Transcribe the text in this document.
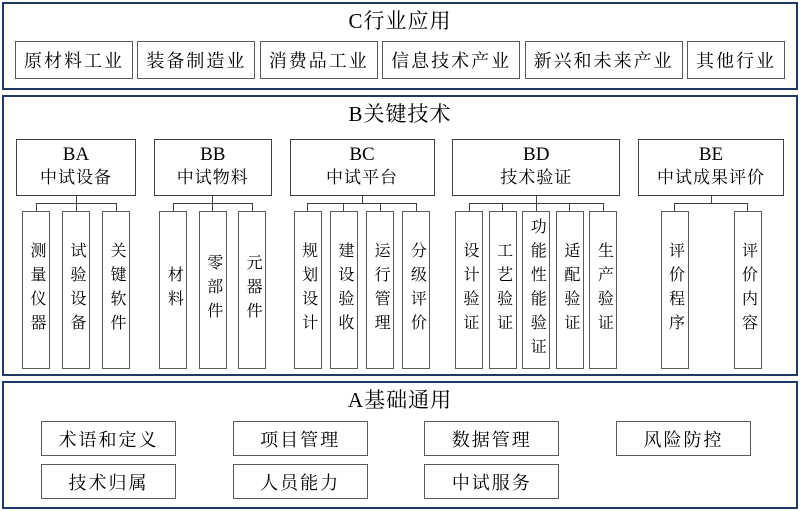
C行业应用
原材料工业	装备制造业	消费品工业	信息技术产业	新兴和未来产业	其他行业
B关键技术
BA
中试设备
测量仪器	试验设备	关键软件
BB
中试物料
材料	零部件	元器件
BC
中试平台
规划设计	建设验收	运行管理	分级评价
BD
技术验证
设计验证	工艺验证	功能性能验证	适配验证	生产验证
BE
中试成果评价
评价程序	评价内容
A基础通用
术语和定义	项目管理	数据管理	风险防控
技术归属	人员能力	中试服务
